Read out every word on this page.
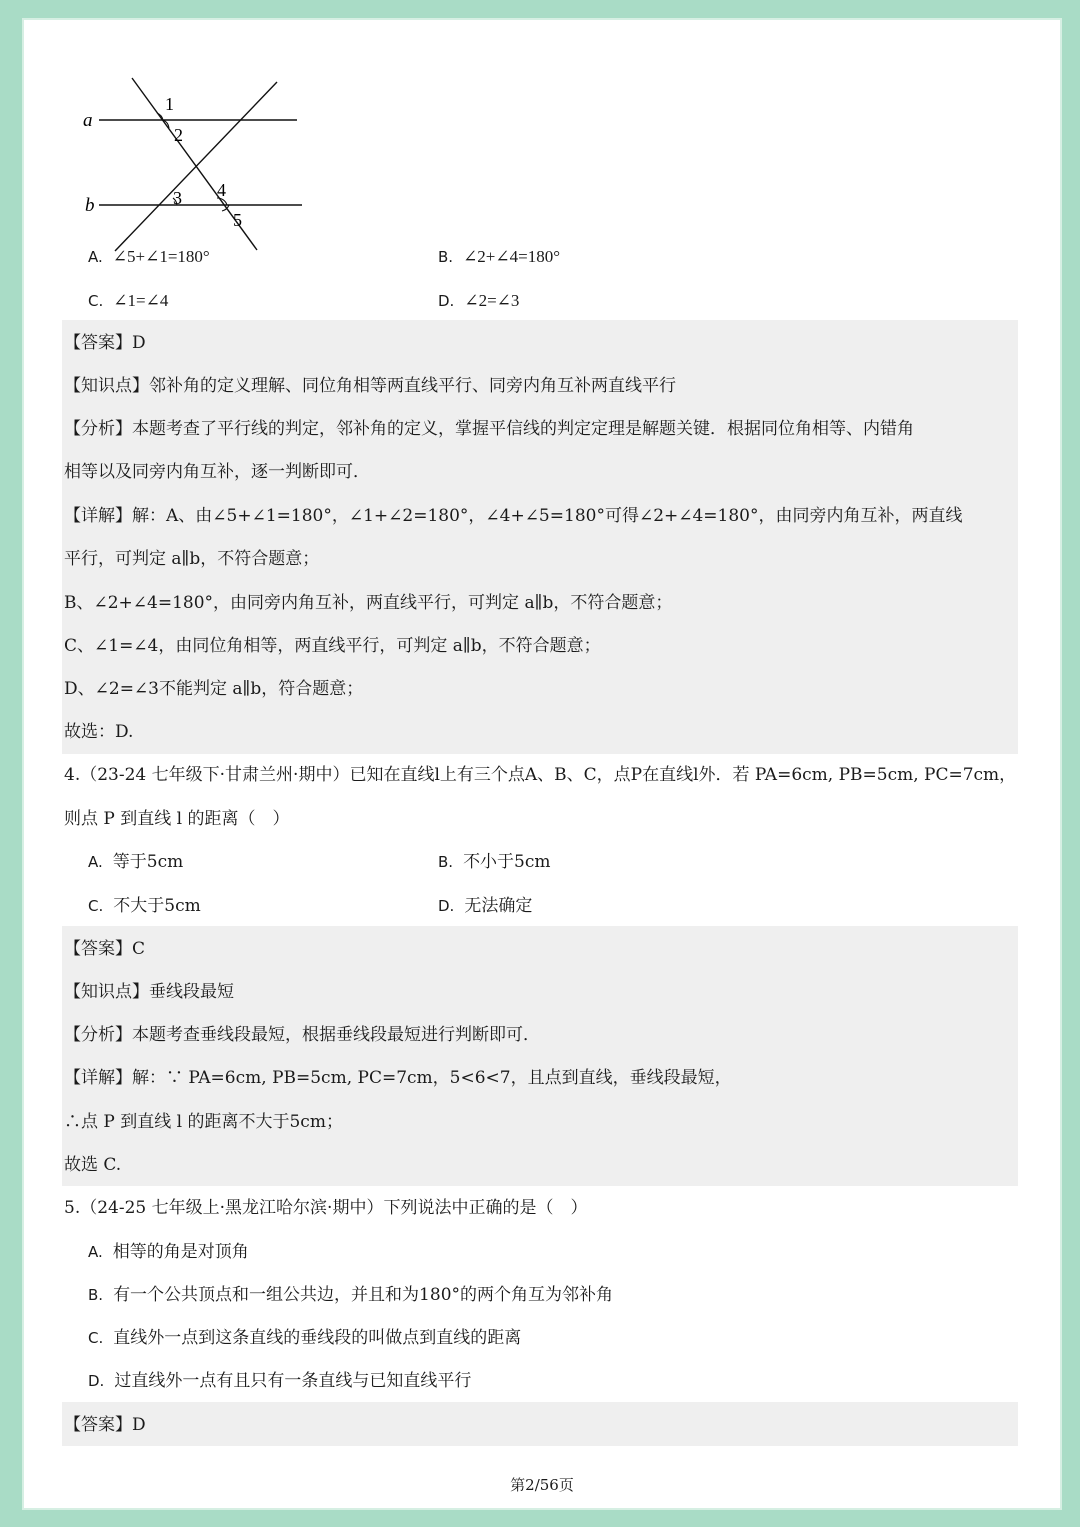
a
b
1
2
3 4
5
A. ∠5+∠1=180°	B. ∠2+∠4=180°
C. ∠1=∠4	D. ∠2=∠3
【答案】D
【知识点】邻补角的定义理解、同位角相等两直线平行、同旁内角互补两直线平行
【分析】本题考查了平行线的判定，邻补角的定义，掌握平信线的判定定理是解题关键．根据同位角相等、内错角
相等以及同旁内角互补，逐一判断即可．
【详解】解：A、由∠5+∠1=180°，∠1+∠2=180°，∠4+∠5=180°可得∠2+∠4=180°，由同旁内角互补，两直线
平行，可判定 a∥b，不符合题意；
B、∠2+∠4=180°，由同旁内角互补，两直线平行，可判定 a∥b，不符合题意；
C、∠1=∠4，由同位角相等，两直线平行，可判定 a∥b，不符合题意；
D、∠2=∠3不能判定 a∥b，符合题意；
故选：D.
4.（23-24 七年级下·甘肃兰州·期中）已知在直线l上有三个点A、B、C，点P在直线l外．若 PA=6cm, PB=5cm, PC=7cm，
则点 P 到直线 l 的距离（　）
A. 等于5cm	B. 不小于5cm
C. 不大于5cm	D. 无法确定
【答案】C
【知识点】垂线段最短
【分析】本题考查垂线段最短，根据垂线段最短进行判断即可．
【详解】解：∵ PA=6cm, PB=5cm, PC=7cm，5<6<7，且点到直线，垂线段最短，
∴点 P 到直线 l 的距离不大于5cm；
故选 C.
5.（24-25 七年级上·黑龙江哈尔滨·期中）下列说法中正确的是（　）
A. 相等的角是对顶角
B. 有一个公共顶点和一组公共边，并且和为180°的两个角互为邻补角
C. 直线外一点到这条直线的垂线段的叫做点到直线的距离
D. 过直线外一点有且只有一条直线与已知直线平行
【答案】D
第2/56页
